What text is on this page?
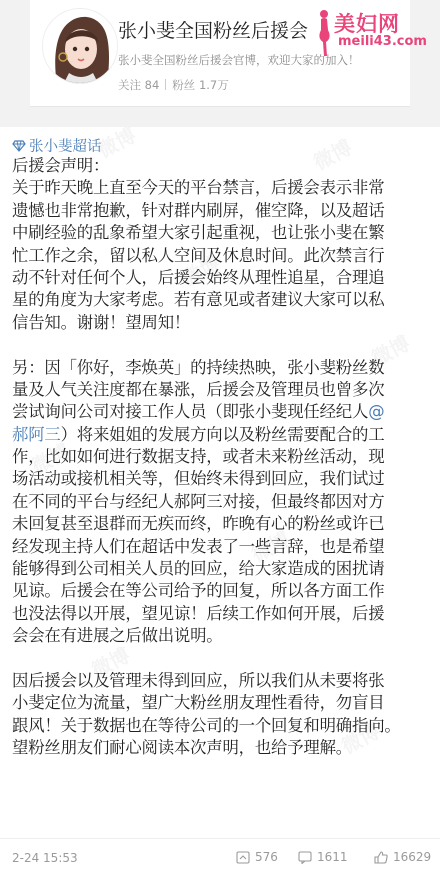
张小斐全国粉丝后援会 美妇网
meili43.com
张小斐全国粉丝后援会官博，欢迎大家的加入！
关注 84 粉丝 1.7万
张小斐超话
后援会声明：
关于昨天晚上直至今天的平台禁言，后援会表示非常
遗憾也非常抱歉，针对群内刷屏，催空降，以及超话
中刷经验的乱象希望大家引起重视，也让张小斐在繁
忙工作之余，留以私人空间及休息时间。此次禁言行
动不针对任何个人，后援会始终从理性追星，合理追
星的角度为大家考虑。若有意见或者建议大家可以私
信告知。谢谢！望周知！
另：因「你好，李焕英」的持续热映，张小斐粉丝数
量及人气关注度都在暴涨，后援会及管理员也曾多次
尝试询问公司对接工作人员（即张小斐现任经纪人@
郝阿三）将来姐姐的发展方向以及粉丝需要配合的工
作，比如如何进行数据支持，或者未来粉丝活动，现
场活动或接机相关等，但始终未得到回应，我们试过
在不同的平台与经纪人郝阿三对接，但最终都因对方
未回复甚至退群而无疾而终，昨晚有心的粉丝或许已
经发现主持人们在超话中发表了一些言辞，也是希望
能够得到公司相关人员的回应，给大家造成的困扰请
见谅。后援会在等公司给予的回复，所以各方面工作
也没法得以开展，望见谅！后续工作如何开展，后援
会会在有进展之后做出说明。
因后援会以及管理未得到回应，所以我们从未要将张
小斐定位为流量，望广大粉丝朋友理性看待，勿盲目
跟风！关于数据也在等待公司的一个回复和明确指向。
望粉丝朋友们耐心阅读本次声明，也给予理解。
2-24 15:53	576	1611	16629
